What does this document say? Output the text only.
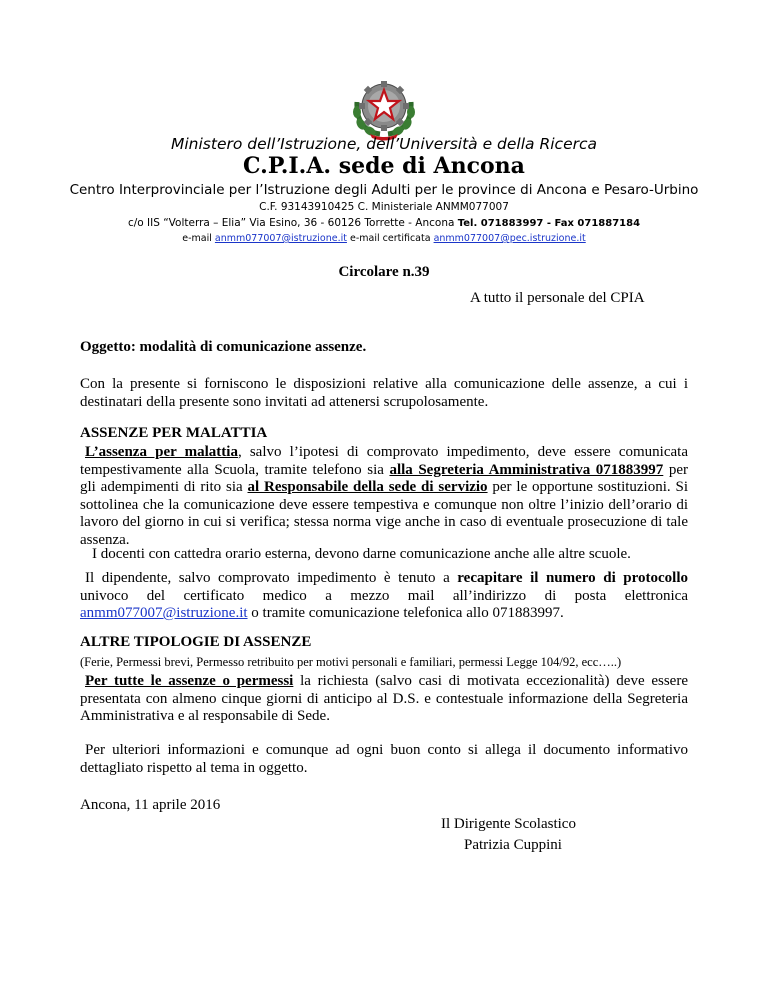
Ministero dell’Istruzione, dell’Università e della Ricerca
C.P.I.A. sede di Ancona
Centro Interprovinciale per l’Istruzione degli Adulti per le province di Ancona e Pesaro-Urbino
C.F. 93143910425 C. Ministeriale ANMM077007
c/o IIS “Volterra – Elia” Via Esino, 36 - 60126 Torrette - Ancona Tel. 071883997 - Fax 071887184
e-mail anmm077007@istruzione.it e-mail certificata anmm077007@pec.istruzione.it
Circolare n.39
A tutto il personale del CPIA
Oggetto: modalità di comunicazione assenze.
Con la presente si forniscono le disposizioni relative alla comunicazione delle assenze, a cui i destinatari della presente sono invitati ad attenersi scrupolosamente.
ASSENZE PER MALATTIA
L’assenza per malattia, salvo l’ipotesi di comprovato impedimento, deve essere comunicata tempestivamente alla Scuola, tramite telefono sia alla Segreteria Amministrativa 071883997 per gli adempimenti di rito sia al Responsabile della sede di servizio per le opportune sostituzioni. Si sottolinea che la comunicazione deve essere tempestiva e comunque non oltre l’inizio dell’orario di lavoro del giorno in cui si verifica; stessa norma vige anche in caso di eventuale prosecuzione di tale assenza.
I docenti con cattedra orario esterna, devono darne comunicazione anche alle altre scuole.
Il dipendente, salvo comprovato impedimento è tenuto a recapitare il numero di protocollo univoco del certificato medico a mezzo mail all’indirizzo di posta elettronica anmm077007@istruzione.it o tramite comunicazione telefonica allo 071883997.
ALTRE TIPOLOGIE DI ASSENZE
(Ferie, Permessi brevi, Permesso retribuito per motivi personali e familiari, permessi Legge 104/92, ecc…..)
Per tutte le assenze o permessi la richiesta (salvo casi di motivata eccezionalità) deve essere presentata con almeno cinque giorni di anticipo al D.S. e contestuale informazione della Segreteria Amministrativa e al responsabile di Sede.
Per ulteriori informazioni e comunque ad ogni buon conto si allega il documento informativo dettagliato rispetto al tema in oggetto.
Ancona, 11 aprile 2016
Il Dirigente Scolastico
Patrizia Cuppini
